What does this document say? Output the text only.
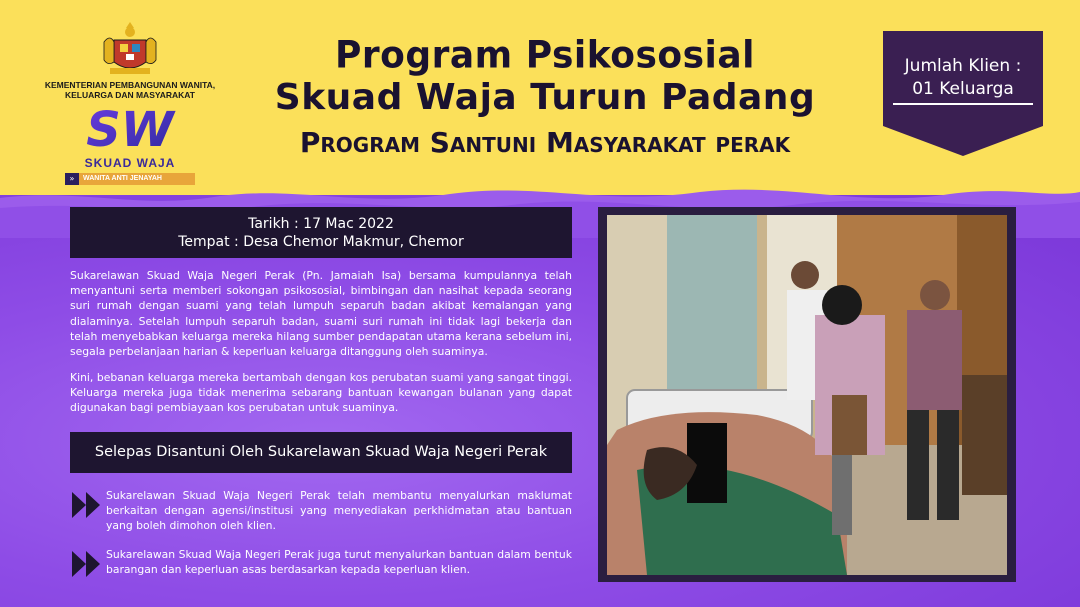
KEMENTERIAN PEMBANGUNAN WANITA,
KELUARGA DAN MASYARAKAT
SW
SKUAD WAJA
»	WANITA ANTI JENAYAH
Program Psikososial
Skuad Waja Turun Padang
Program Santuni Masyarakat perak
Jumlah Klien :
01 Keluarga
Tarikh : 17 Mac 2022
Tempat : Desa Chemor Makmur, Chemor
Sukarelawan Skuad Waja Negeri Perak (Pn. Jamaiah Isa) bersama kumpulannya telah menyantuni serta memberi sokongan psikososial, bimbingan dan nasihat kepada seorang suri rumah dengan suami yang telah lumpuh separuh badan akibat kemalangan yang dialaminya. Setelah lumpuh separuh badan, suami suri rumah ini tidak lagi bekerja dan telah menyebabkan keluarga mereka hilang sumber pendapatan utama kerana sebelum ini, segala perbelanjaan harian & keperluan keluarga ditanggung oleh suaminya.
Kini, bebanan keluarga mereka bertambah dengan kos perubatan suami yang sangat tinggi. Keluarga mereka juga tidak menerima sebarang bantuan kewangan bulanan yang dapat digunakan bagi pembiayaan kos perubatan untuk suaminya.
Selepas Disantuni Oleh Sukarelawan Skuad Waja Negeri Perak
Sukarelawan Skuad Waja Negeri Perak telah membantu menyalurkan maklumat berkaitan dengan agensi/institusi yang menyediakan perkhidmatan atau bantuan yang boleh dimohon oleh klien.
Sukarelawan Skuad Waja Negeri Perak juga turut menyalurkan bantuan dalam bentuk barangan dan keperluan asas berdasarkan kepada keperluan klien.
